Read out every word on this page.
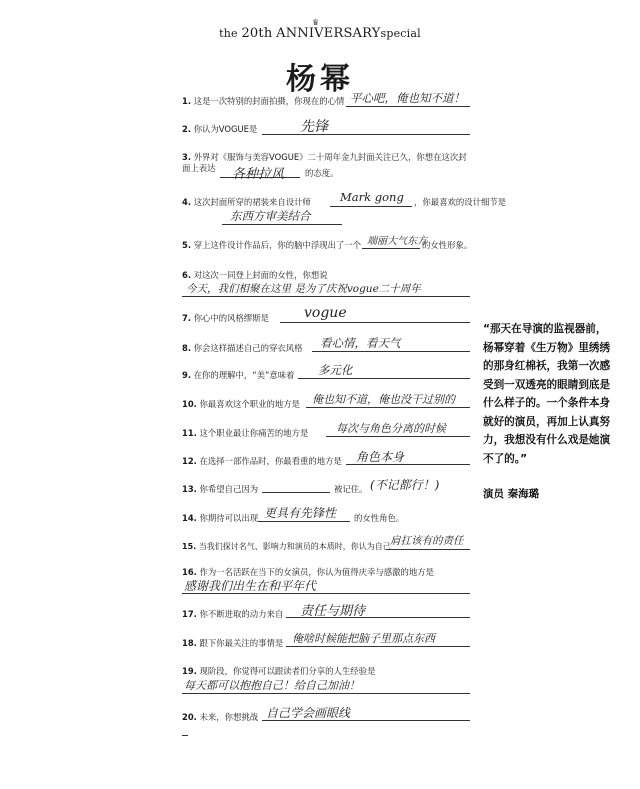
♛
the 20th ANNIVERSARYspecial
杨幂
1. 这是一次特别的封面拍摄，你现在的心情 平心吧，俺也知不道！
2. 你认为VOGUE是	先锋
3. 外界对《服饰与美容VOGUE》二十周年金九封面关注已久，你想在这次封面上表达	各种拉风 的态度。
4. 这次封面所穿的裙装来自设计师	Mark gong ，你最喜欢的设计细节是
东西方审美结合
5. 穿上这件设计作品后，你的脑中浮现出了一个 端丽大气东方
的女性形象。
6. 对这次一同登上封面的女性，你想说
今天，我们相聚在这里 是为了庆祝vogue二十周年
7. 你心中的风格缪斯是 vogue
8. 你会这样描述自己的穿衣风格 看心情，看天气
9. 在你的理解中，“美”意味着 多元化
10. 你最喜欢这个职业的地方是 俺也知不道，俺也没干过别的
11. 这个职业最让你痛苦的地方是	每次与角色分离的时候
12. 在选择一部作品时，你最看重的地方是 角色本身
13. 你希望自己因为	被记住。 (不记都行！)
14. 你期待可以出现 更具有先锋性 的女性角色。
15. 当我们探讨名气、影响力和演员的本质时，你认为自己 肩扛该有的责任
16. 作为一名活跃在当下的女演员，你认为值得庆幸与感激的地方是
感谢我们出生在和平年代
17. 你不断进取的动力来自 责任与期待
18. 跟下你最关注的事情是 俺啥时候能把脑子里那点东西
19. 现阶段，你觉得可以跟读者们分享的人生经验是
每天都可以抱抱自己！给自己加油！
20. 未来，你想挑战 自己学会画眼线
“那天在导演的监视器前，杨幂穿着《生万物》里绣绣的那身红棉袄，我第一次感受到一双透亮的眼睛到底是什么样子的。一个条件本身就好的演员，再加上认真努力，我想没有什么戏是她演不了的。”
演员 秦海璐
